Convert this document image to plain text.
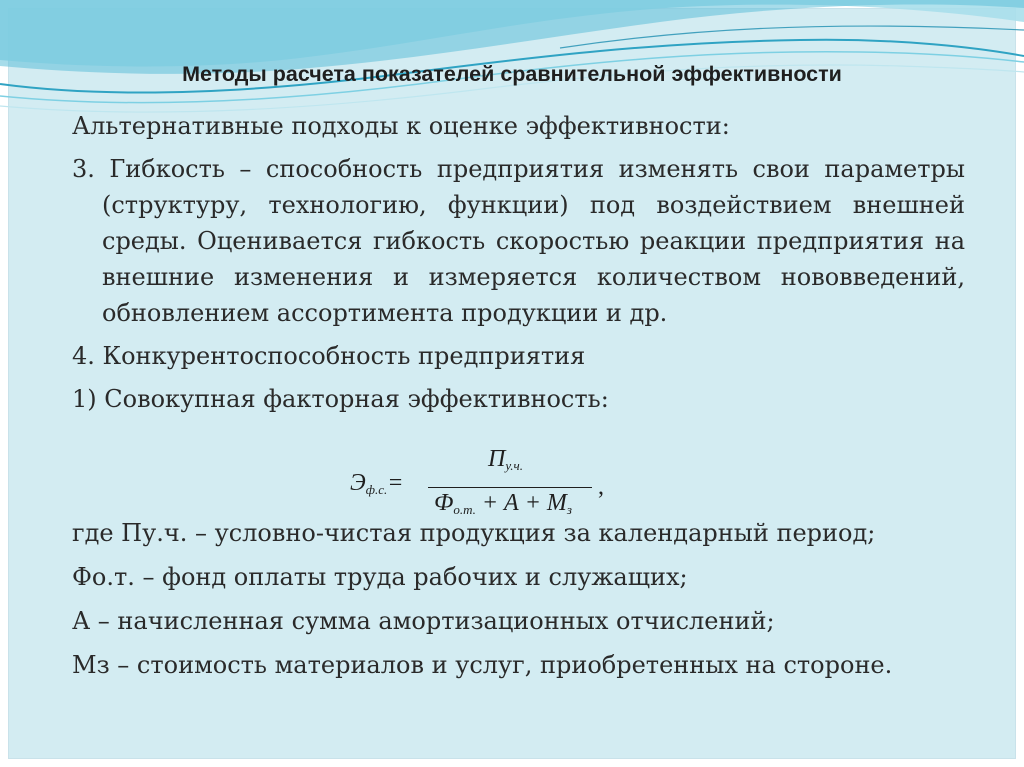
Методы расчета показателей сравнительной эффективности

Альтернативные подходы к оценке эффективности:

3. Гибкость – способность предприятия изменять свои параметры (структуру, технологию, функции) под воздействием внешней среды. Оценивается гибкость скоростью реакции предприятия на внешние изменения и измеряется количеством нововведений, обновлением ассортимента продукции и др.

4. Конкурентоспособность предприятия

1) Совокупная факторная эффективность:

где Пу.ч. – условно-чистая продукция за календарный период;

Фо.т. – фонд оплаты труда рабочих и служащих;

А – начисленная сумма амортизационных отчислений;

Мз – стоимость материалов и услуг, приобретенных на стороне.

$Э_{ф.с.}=$
$П_{у.ч.}$
$Ф_{о.т.} + А + М_з$
,
